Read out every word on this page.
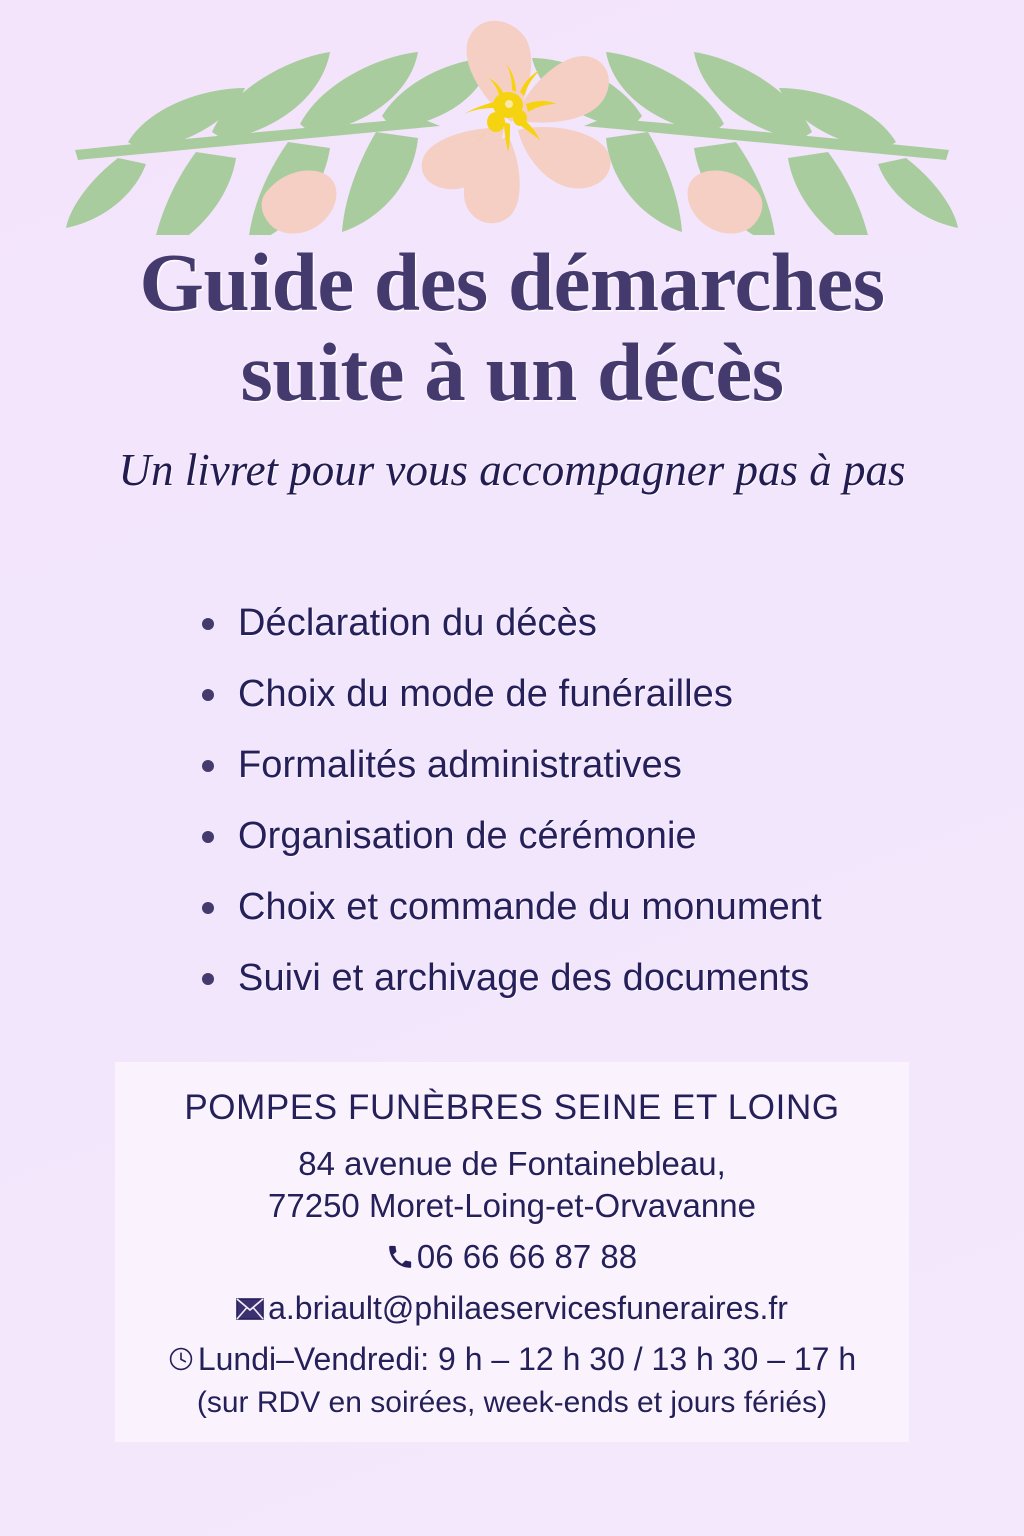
Guide des démarches
suite à un décès

Un livret pour vous accompagner pas à pas

Déclaration du décès
Choix du mode de funérailles
Formalités administratives
Organisation de cérémonie
Choix et commande du monument
Suivi et archivage des documents
POMPES FUNÈBRES SEINE ET LOING
84 avenue de Fontainebleau,
77250 Moret-Loing-et-Orvavanne
06 66 66 87 88
a.briault@philaeservicesfuneraires.fr
Lundi–Vendredi: 9 h – 12 h 30 / 13 h 30 – 17 h
(sur RDV en soirées, week-ends et jours fériés)
